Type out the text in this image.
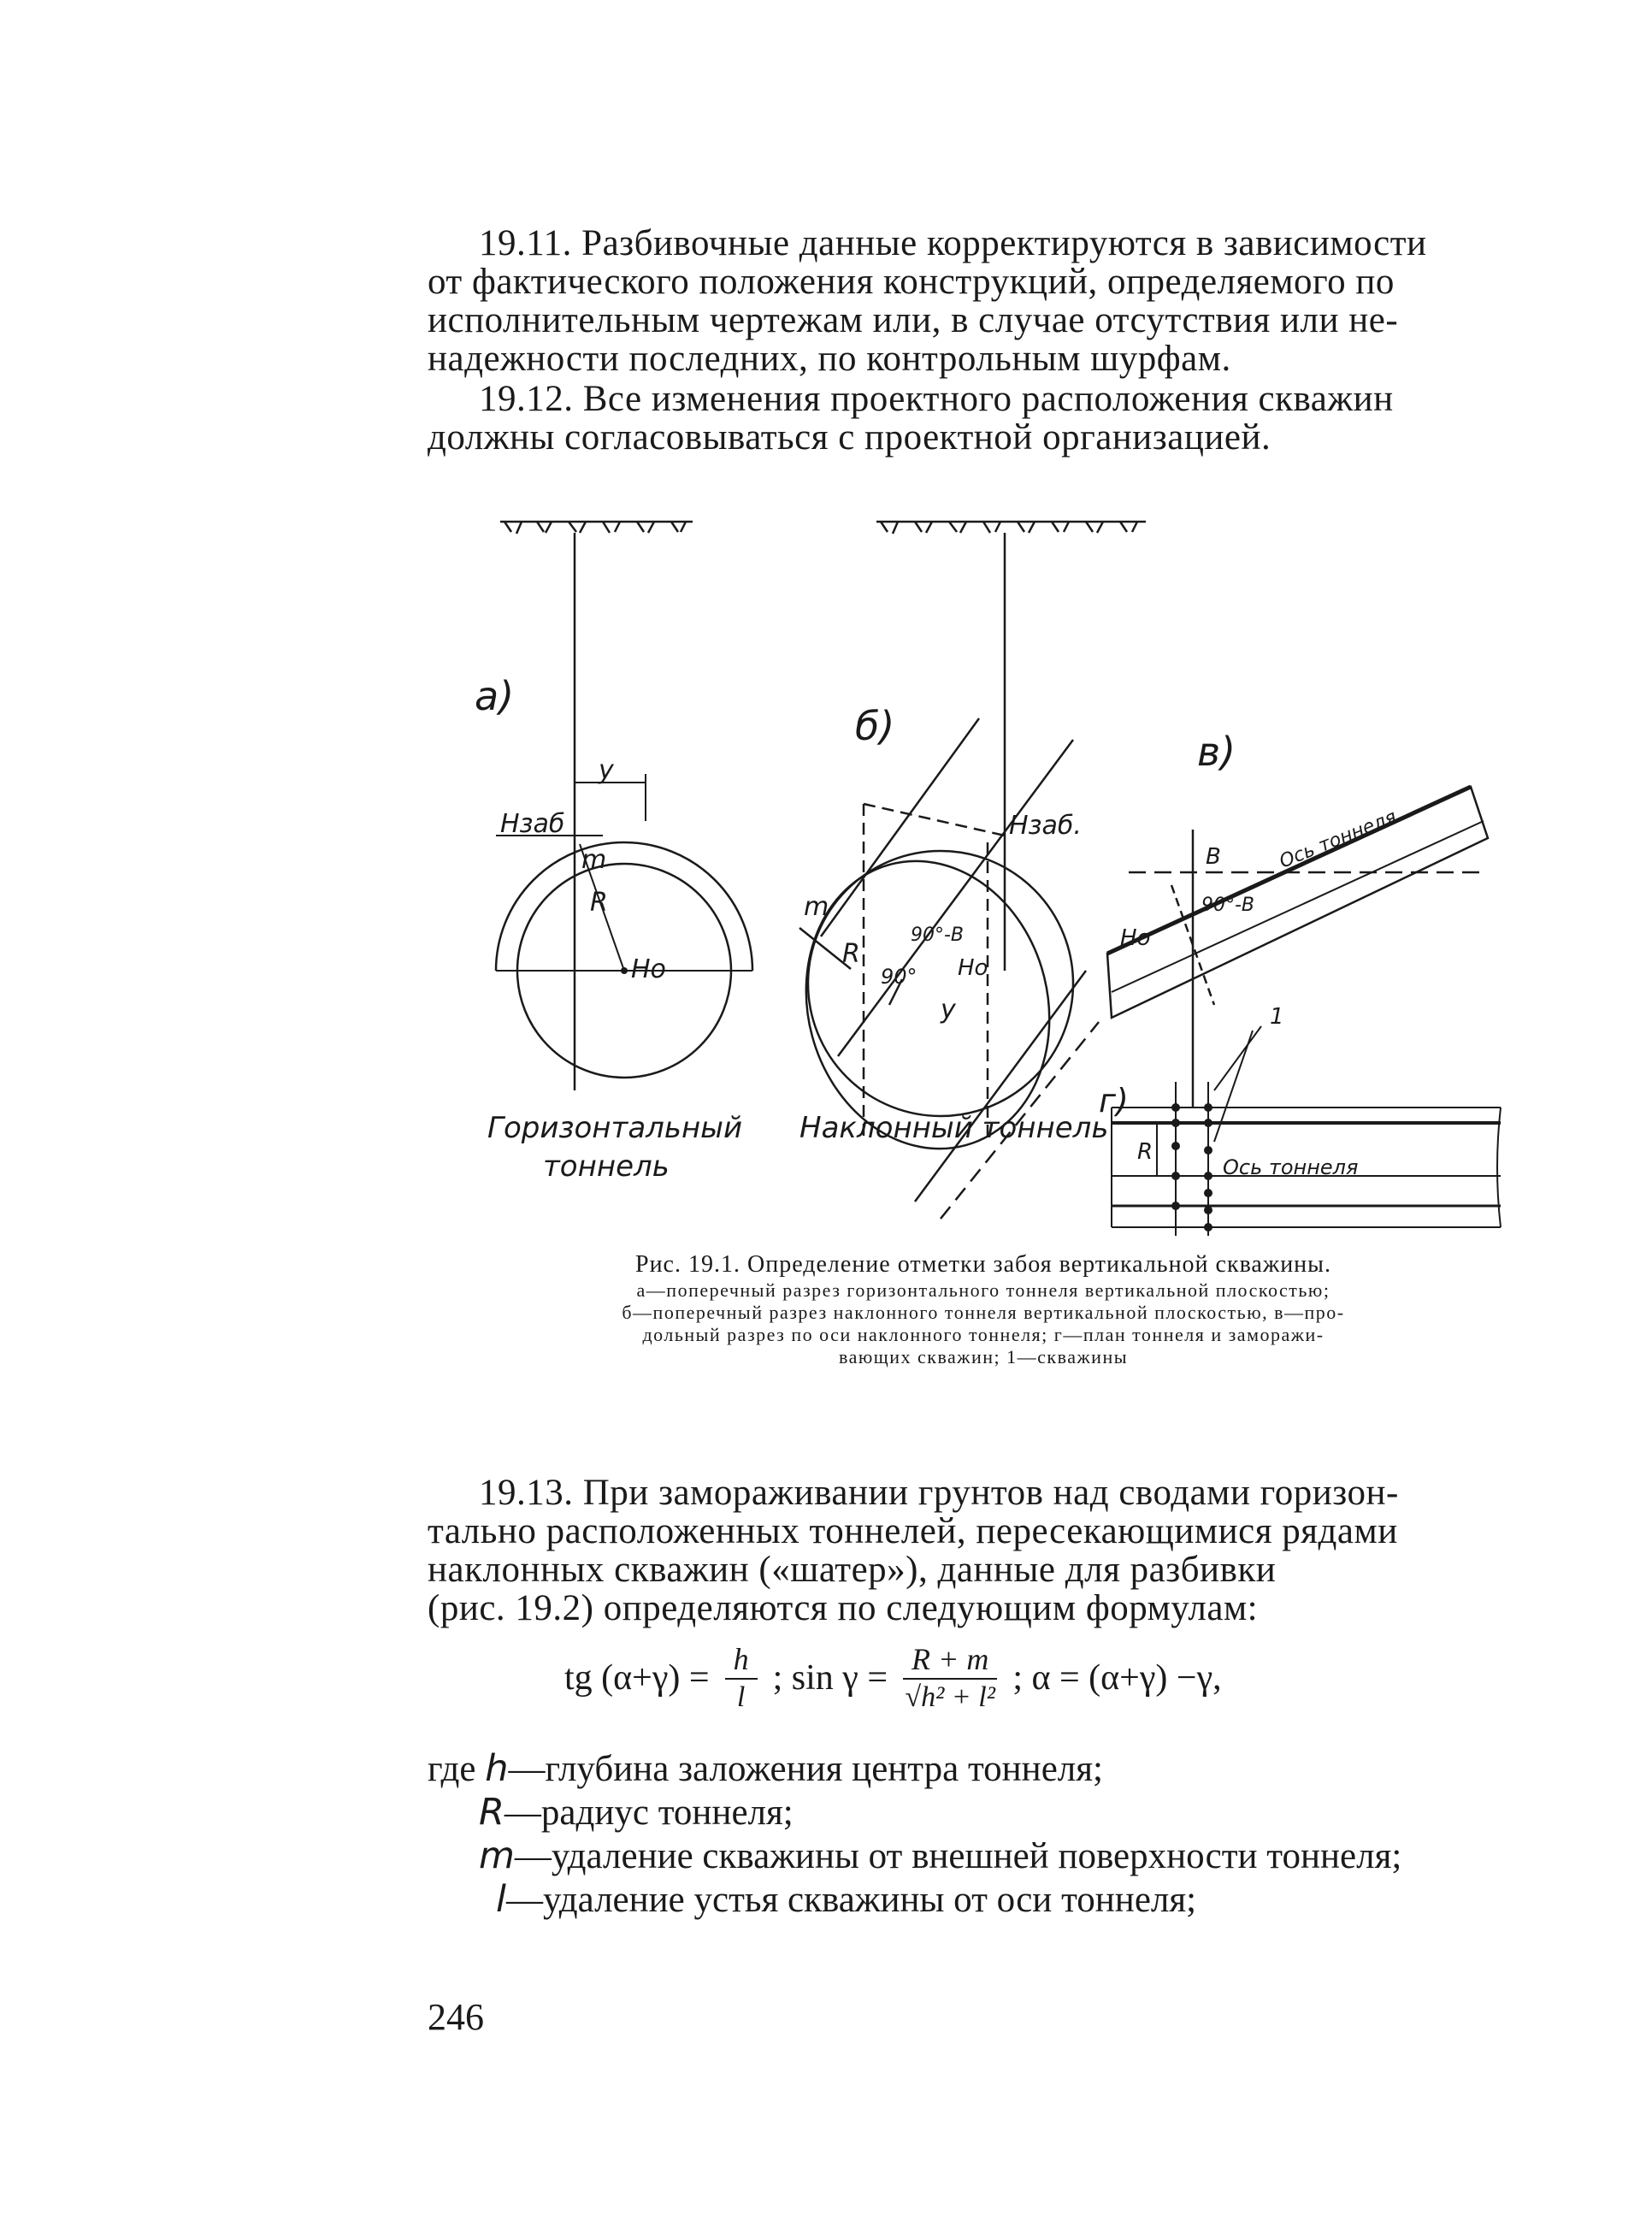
19.11. Разбивочные данные корректируются в зависимости
от фактического положения конструкций, определяемого по
исполнительным чертежам или, в случае отсутствия или не-
надежности последних, по контрольным шурфам.
19.12. Все изменения проектного расположения скважин
должны согласовываться с проектной организацией.
а)
б)
в)
г)
у
Нзаб
m
R
Но
Нзаб.
m
R
90°
90°-В
Но
у
В
90°-В
Ось тоннеля
Но
1
R
Ось тоннеля
Горизонтальный
тоннель
Наклонный тоннель
Рис. 19.1. Определение отметки забоя вертикальной скважины.
а—поперечный разрез горизонтального тоннеля вертикальной плоскостью;
б—поперечный разрез наклонного тоннеля вертикальной плоскостью, в—про-
дольный разрез по оси наклонного тоннеля; г—план тоннеля и заморажи-
вающих скважин; 1—скважины
19.13. При замораживании грунтов над сводами горизон-
тально расположенных тоннелей, пересекающимися рядами
наклонных скважин («шатер»), данные для разбивки
(рис. 19.2) определяются по следующим формулам:
tg $(\alpha+\gamma) = \frac{h}{l}$ ; $\sin \gamma = \frac{R + m}{\text{√h² + l²}}$ ; α = (α+γ) −γ,
где h—глубина заложения центра тоннеля;
R—радиус тоннеля;
m—удаление скважины от внешней поверхности тоннеля;
l—удаление устья скважины от оси тоннеля;
246
